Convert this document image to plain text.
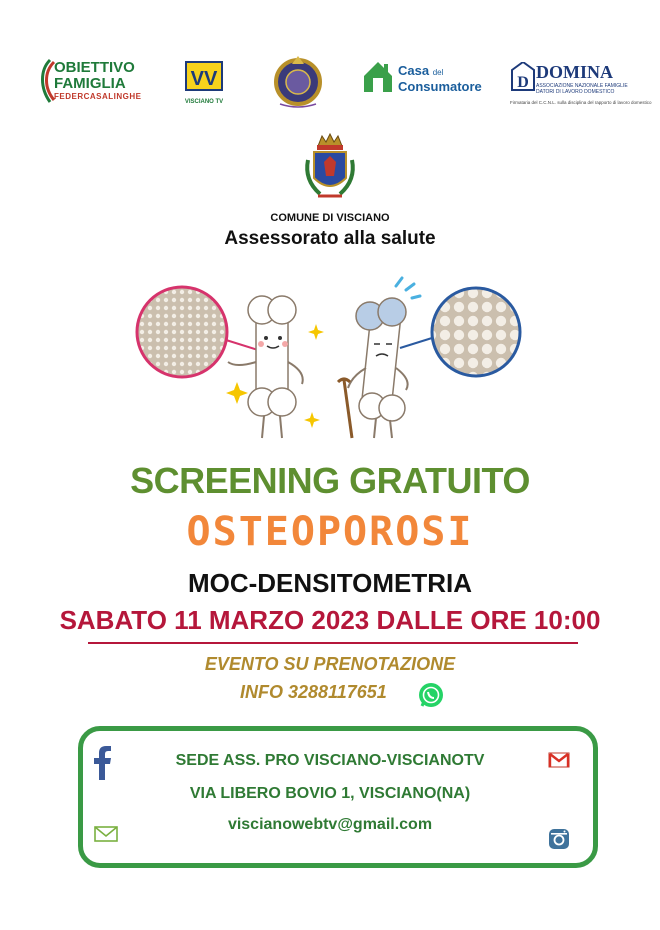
OBIETTIVO
FAMIGLIA
FEDERCASALINGHE
VV
VISCIANO TV
Casa del
Consumatore D
DOMINA
ASSOCIAZIONE NAZIONALE FAMIGLIE
DATORI DI LAVORO DOMESTICO
Firmataria del C.C.N.L. sulla disciplina del rapporto di lavoro domestico
COMUNE DI VISCIANO
Assessorato alla salute
SCREENING GRATUITO
OSTEOPOROSI
MOC-DENSITOMETRIA
SABATO 11 MARZO 2023 DALLE ORE 10:00
EVENTO SU PRENOTAZIONE
INFO 3288117651
SEDE ASS. PRO VISCIANO-VISCIANOTV
VIA LIBERO BOVIO 1, VISCIANO(NA)
viscianowebtv@gmail.com
